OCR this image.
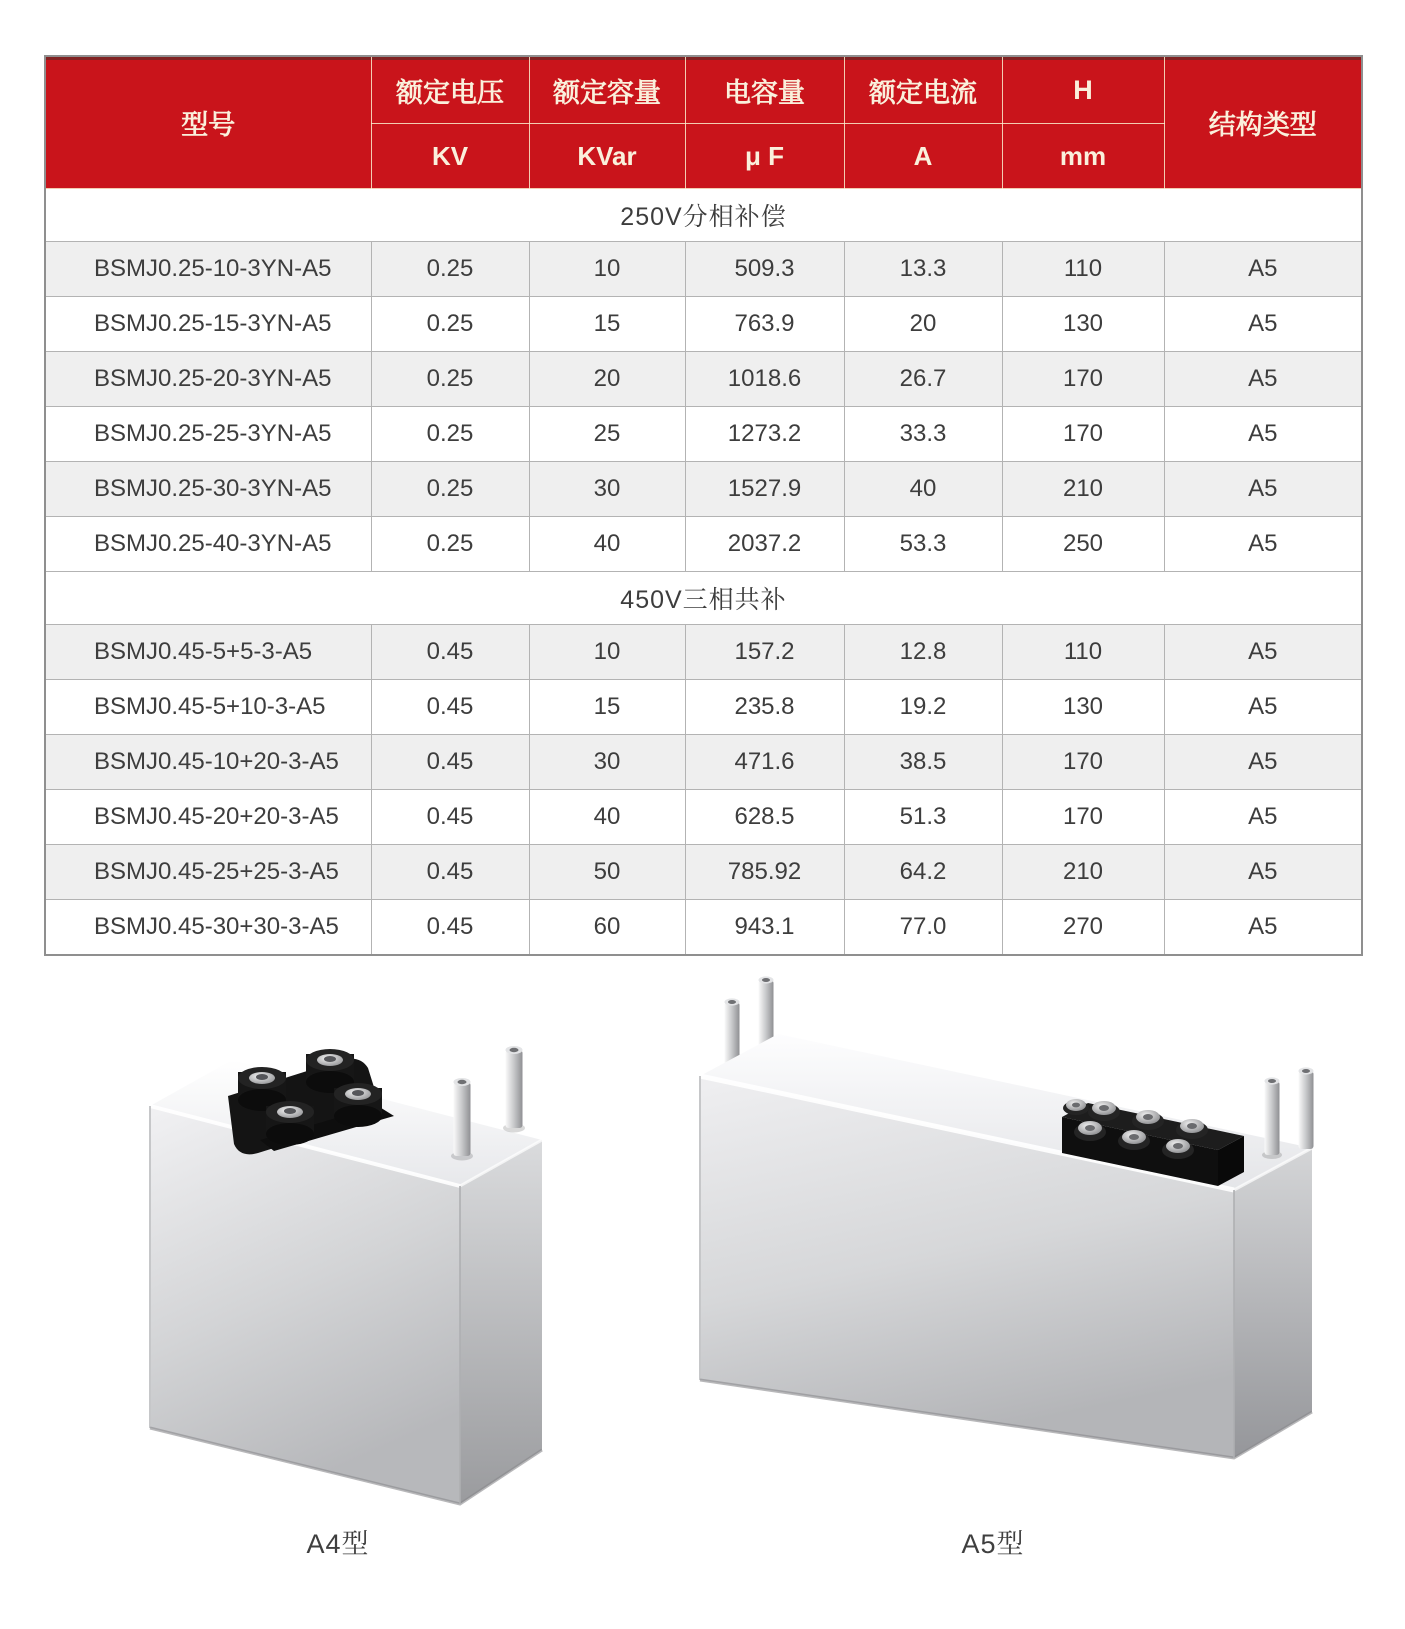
型号	额定电压	额定容量	电容量	额定电流	H	结构类型
	KV	KVar	μ F	A	mm	
250V分相补偿						
BSMJ0.25-10-3YN-A5	0.25	10	509.3	13.3	110	A5
BSMJ0.25-15-3YN-A5	0.25	15	763.9	20	130	A5
BSMJ0.25-20-3YN-A5	0.25	20	1018.6	26.7	170	A5
BSMJ0.25-25-3YN-A5	0.25	25	1273.2	33.3	170	A5
BSMJ0.25-30-3YN-A5	0.25	30	1527.9	40	210	A5
BSMJ0.25-40-3YN-A5	0.25	40	2037.2	53.3	250	A5
450V三相共补						
BSMJ0.45-5+5-3-A5	0.45	10	157.2	12.8	110	A5
BSMJ0.45-5+10-3-A5	0.45	15	235.8	19.2	130	A5
BSMJ0.45-10+20-3-A5	0.45	30	471.6	38.5	170	A5
BSMJ0.45-20+20-3-A5	0.45	40	628.5	51.3	170	A5
BSMJ0.45-25+25-3-A5	0.45	50	785.92	64.2	210	A5
BSMJ0.45-30+30-3-A5	0.45	60	943.1	77.0	270	A5
A4型	A5型
